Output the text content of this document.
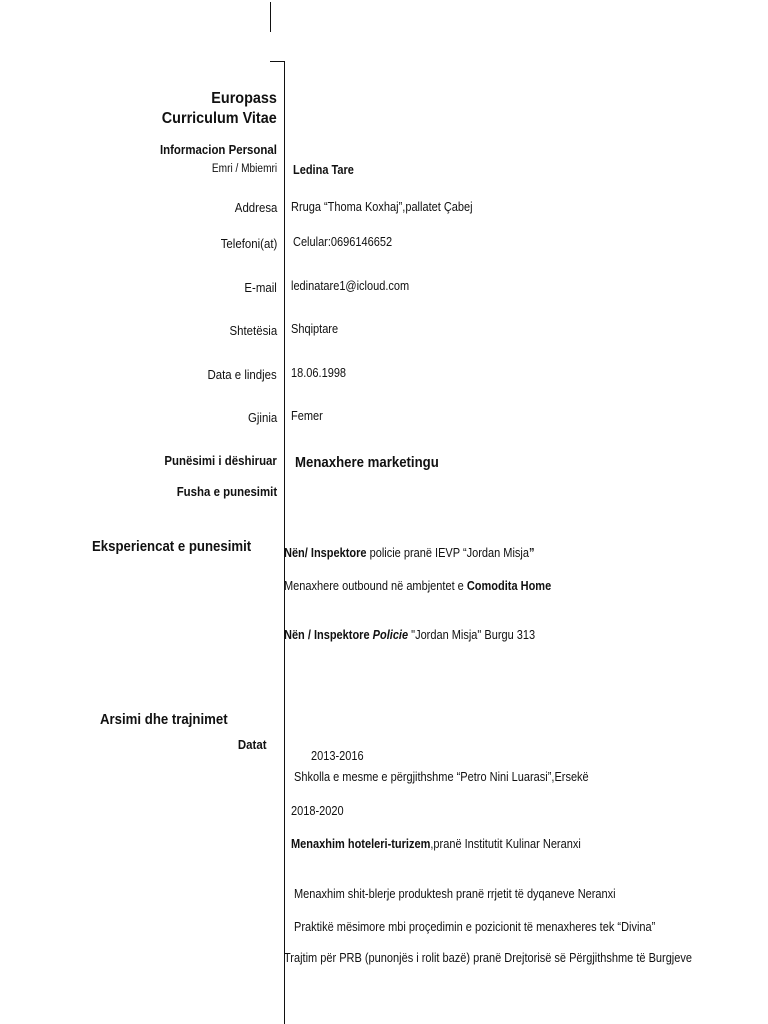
Europass
Curriculum Vitae
Informacion Personal
Emri / Mbiemri Ledina Tare
Addresa Rruga “Thoma Koxhaj”,pallatet Çabej
Telefoni(at) Celular:0696146652
E-mail ledinatare1@icloud.com
Shtetësia Shqiptare
Data e lindjes 18.06.1998
Gjinia Femer
Punësimi i dëshiruar Menaxhere marketingu
Fusha e punesimit
Eksperiencat e punesimit	Nën/ Inspektore policie pranë IEVP “Jordan Misja”
Menaxhere outbound në ambjentet e Comodita Home
Nën / Inspektore Policie "Jordan Misja" Burgu 313
Arsimi dhe trajnimet
Datat
2013-2016
Shkolla e mesme e përgjithshme “Petro Nini Luarasi”,Ersekë
2018-2020
Menaxhim hoteleri-turizem,pranë Institutit Kulinar Neranxi
Menaxhim shit-blerje produktesh pranë rrjetit të dyqaneve Neranxi
Praktikë mësimore mbi proçedimin e pozicionit të menaxheres tek “Divina”
Trajtim për PRB (punonjës i rolit bazë) pranë Drejtorisë së Përgjithshme të Burgjeve
